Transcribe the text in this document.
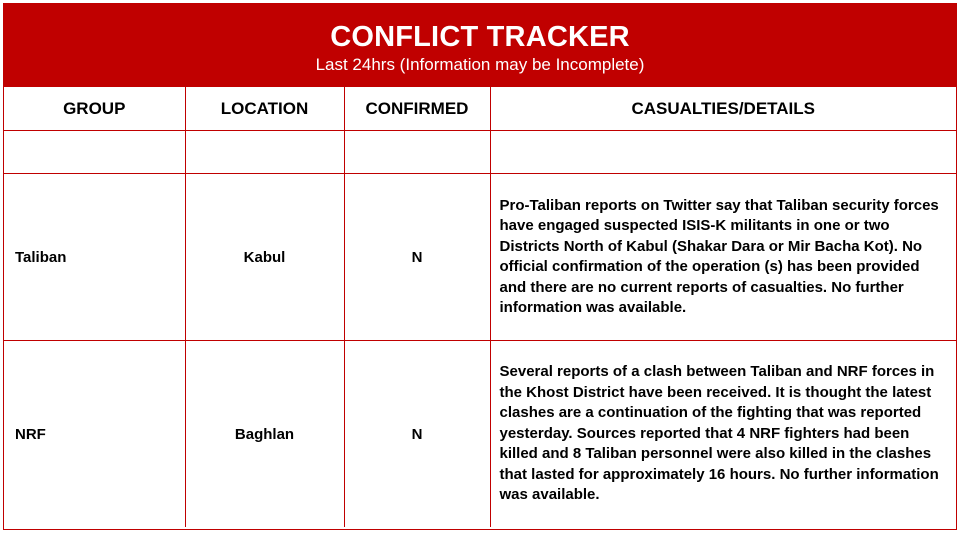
CONFLICT TRACKER
Last 24hrs (Information may be Incomplete)
GROUP	LOCATION	CONFIRMED	CASUALTIES/DETAILS

Taliban	Kabul	N	Pro-Taliban reports on Twitter say that Taliban security forces have engaged suspected ISIS-K militants in one or two Districts North of Kabul (Shakar Dara or Mir Bacha Kot). No official confirmation of the operation (s) has been provided and there are no current reports of casualties. No further information was available.
NRF	Baghlan	N	Several reports of a clash between Taliban and NRF forces in the Khost District have been received. It is thought the latest clashes are a continuation of the fighting that was reported yesterday. Sources reported that 4 NRF fighters had been killed and 8 Taliban personnel were also killed in the clashes that lasted for approximately 16 hours. No further information was available.
